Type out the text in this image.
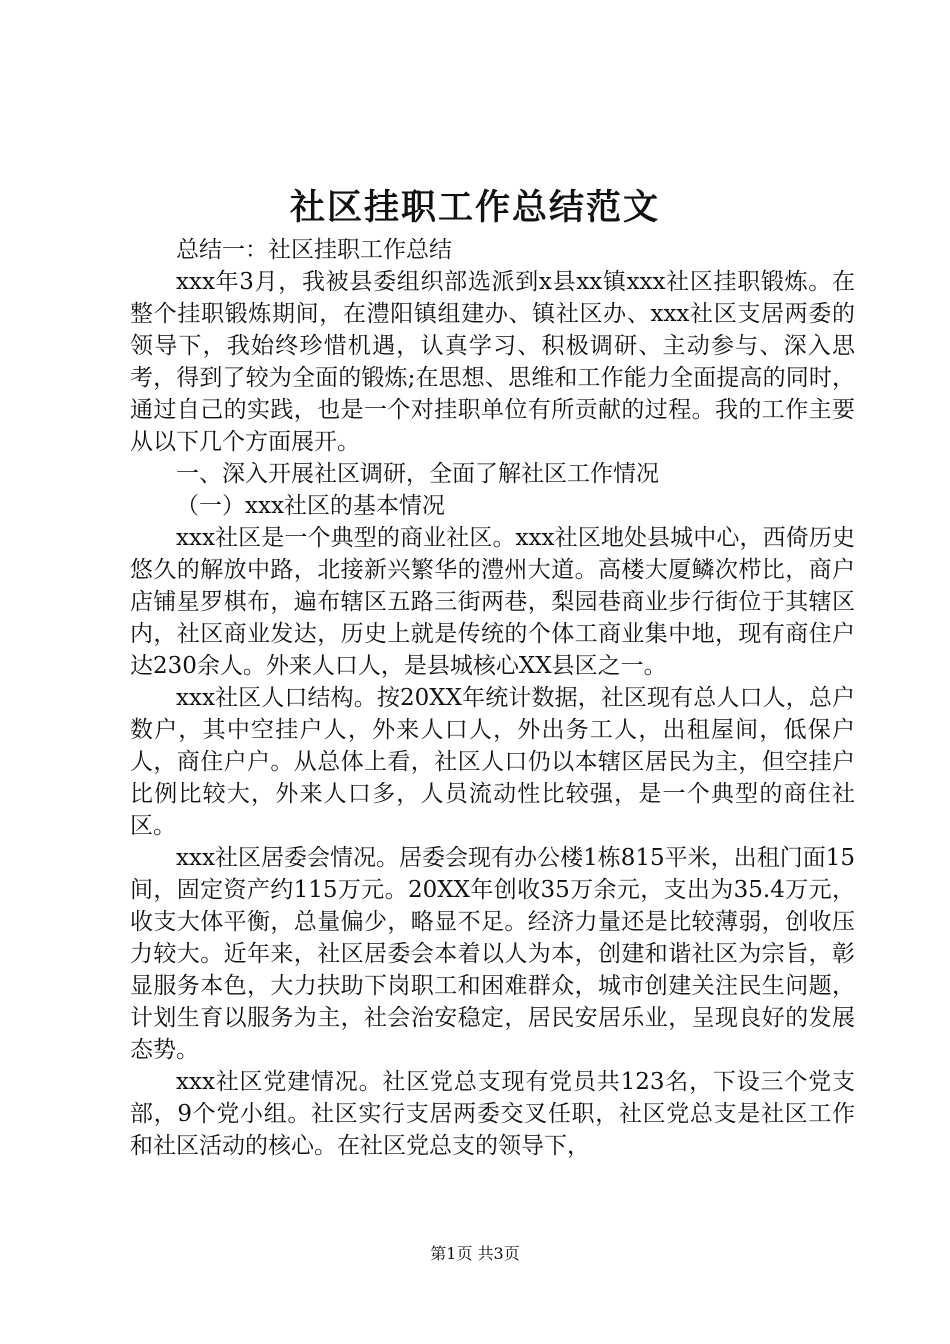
社区挂职工作总结范文

总结一：社区挂职工作总结

xxx年3月，我被县委组织部选派到x县xx镇xxx社区挂职锻炼。在整个挂职锻炼期间，在澧阳镇组建办、镇社区办、xxx社区支居两委的领导下，我始终珍惜机遇，认真学习、积极调研、主动参与、深入思考，得到了较为全面的锻炼;在思想、思维和工作能力全面提高的同时，通过自己的实践，也是一个对挂职单位有所贡献的过程。我的工作主要从以下几个方面展开。

一、深入开展社区调研，全面了解社区工作情况

（一）xxx社区的基本情况

xxx社区是一个典型的商业社区。xxx社区地处县城中心，西倚历史悠久的解放中路，北接新兴繁华的澧州大道。高楼大厦鳞次栉比，商户店铺星罗棋布，遍布辖区五路三街两巷，梨园巷商业步行街位于其辖区内，社区商业发达，历史上就是传统的个体工商业集中地，现有商住户达230余人。外来人口人，是县城核心XX县区之一。

xxx社区人口结构。按20XX年统计数据，社区现有总人口人，总户数户，其中空挂户人，外来人口人，外出务工人，出租屋间，低保户人，商住户户。从总体上看，社区人口仍以本辖区居民为主，但空挂户比例比较大，外来人口多，人员流动性比较强，是一个典型的商住社区。

xxx社区居委会情况。居委会现有办公楼1栋815平米，出租门面15间，固定资产约115万元。20XX年创收35万余元，支出为35.4万元，收支大体平衡，总量偏少，略显不足。经济力量还是比较薄弱，创收压力较大。近年来，社区居委会本着以人为本，创建和谐社区为宗旨，彰显服务本色，大力扶助下岗职工和困难群众，城市创建关注民生问题，计划生育以服务为主，社会治安稳定，居民安居乐业，呈现良好的发展态势。

xxx社区党建情况。社区党总支现有党员共123名，下设三个党支部，9个党小组。社区实行支居两委交叉任职，社区党总支是社区工作和社区活动的核心。在社区党总支的领导下，

第1页 共3页
